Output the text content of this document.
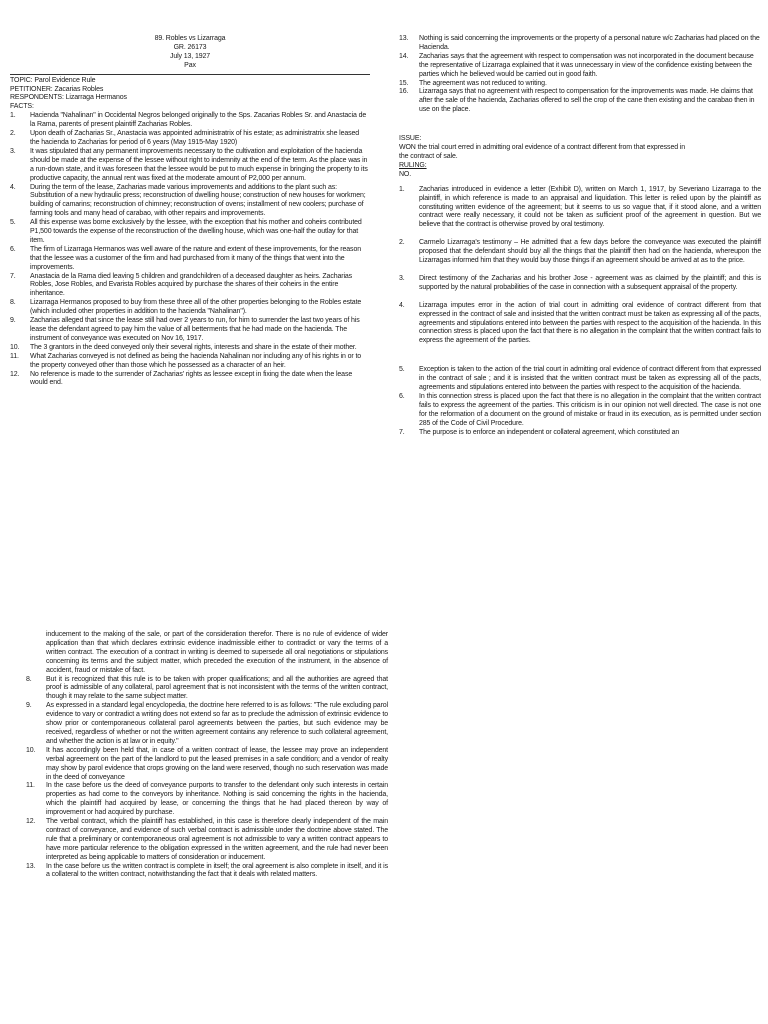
89. Robles vs Lizarraga

GR. 26173

July 13, 1927

Pax

TOPIC: Parol Evidence Rule

PETITIONER: Zacarias Robles

RESPONDENTS: Lizarraga Hermanos

FACTS:

1. Hacienda "Nahalinan" in Occidental Negros belonged originally to the Sps. Zacarias Robles Sr. and Anastacia de la Rama, parents of present plaintiff Zacharias Robles.
2. Upon death of Zacharias Sr., Anastacia was appointed administratrix of his estate; as administratrix she leased the hacienda to Zacharias for period of 6 years (May 1915-May 1920)
3. It was stipulated that any permanent improvements necessary to the cultivation and exploitation of the hacienda should be made at the expense of the lessee without right to indemnity at the end of the term. As the place was in a run-down state, and it was foreseen that the lessee would be put to much expense in bringing the property to its productive capacity, the annual rent was fixed at the moderate amount of P2,000 per annum.
4. During the term of the lease, Zacharias made various improvements and additions to the plant such as: Substitution of a new hydraulic press; reconstruction of dwelling house; construction of new houses for workmen; building of camarins; reconstruction of chimney; reconstruction of ovens; installment of new coolers; purchase of farming tools and many head of carabao, with other repairs and improvements.
5. All this expense was borne exclusively by the lessee, with the exception that his mother and coheirs contributed P1,500 towards the expense of the reconstruction of the dwelling house, which was one-half the outlay for that item.
6. The firm of Lizarraga Hermanos was well aware of the nature and extent of these improvements, for the reason that the lessee was a customer of the firm and had purchased from it many of the things that went into the improvements.
7. Anastacia de la Rama died leaving 5 children and grandchildren of a deceased daughter as heirs. Zacharias Robles, Jose Robles, and Evarista Robles acquired by purchase the shares of their coheirs in the entire inheritance.
8. Lizarraga Hermanos proposed to buy from these three all of the other properties belonging to the Robles estate (which included other properties in addition to the hacienda "Nahalinan").
9. Zacharias alleged that since the lease still had over 2 years to run, for him to surrender the last two years of his lease the defendant agreed to pay him the value of all betterments that he had made on the hacienda. The instrument of conveyance was executed on Nov 16, 1917.
10. The 3 grantors in the deed conveyed only their several rights, interests and share in the estate of their mother.
11. What Zacharias conveyed is not defined as being the hacienda Nahalinan nor including any of his rights in or to the property conveyed other than those which he possessed as a character of an heir.
12. No reference is made to the surrender of Zacharias' rights as lessee except in fixing the date when the lease would end.
13. Nothing is said concerning the improvements or the property of a personal nature w/c Zacharias had placed on the Hacienda.
14. Zacharias says that the agreement with respect to compensation was not incorporated in the document because the representative of Lizarraga explained that it was unnecessary in view of the confidence existing between the parties which he believed would be carried out in good faith.
15. The agreement was not reduced to writing.
16. Lizarraga says that no agreement with respect to compensation for the improvements was made. He claims that after the sale of the hacienda, Zacharias offered to sell the crop of the cane then existing and the carabao then in use on the place.

ISSUE:

WON the trial court erred in admitting oral evidence of a contract different from that expressed in the contract of sale.

RULING:

NO.

1. Zacharias introduced in evidence a letter (Exhibit D), written on March 1, 1917, by Severiano Lizarraga to the plaintiff, in which reference is made to an appraisal and liquidation. This letter is relied upon by the plaintiff as constituting written evidence of the agreement; but it seems to us so vague that, if it stood alone, and a written contract were really necessary, it could not be taken as sufficient proof of the agreement in question. But we believe that the contract is otherwise proved by oral testimony.
2. Carmelo Lizarraga's testimony – He admitted that a few days before the conveyance was executed the plaintiff proposed that the defendant should buy all the things that the plaintiff then had on the hacienda, whereupon the Lizarragas informed him that they would buy those things if an agreement should be arrived at as to the price.
3. Direct testimony of the Zacharias and his brother Jose - agreement was as claimed by the plaintiff; and this is supported by the natural probabilities of the case in connection with a subsequent appraisal of the property.
4. Lizarraga imputes error in the action of trial court in admitting oral evidence of contract different from that expressed in the contract of sale and insisted that the written contract must be taken as expressing all of the pacts, agreements and stipulations entered into between the parties with respect to the acquisition of the hacienda. In this connection stress is placed upon the fact that there is no allegation in the complaint that the written contract fails to express the agreement of the parties.
5. Exception is taken to the action of the trial court in admitting oral evidence of contract different from that expressed in the contract of sale ; and it is insisted that the written contract must be taken as expressing all of the pacts, agreements and stipulations entered into between the parties with respect to the acquisition of the hacienda.
6. In this connection stress is placed upon the fact that there is no allegation in the complaint that the written contract fails to express the agreement of the parties. This criticism is in our opinion not well directed. The case is not one for the reformation of a document on the ground of mistake or fraud in its execution, as is permitted under section 285 of the Code of Civil Procedure.
7. The purpose is to enforce an independent or collateral agreement, which constituted an

inducement to the making of the sale, or part of the consideration therefor. There is no rule of evidence of wider application than that which declares extrinsic evidence inadmissible either to contradict or vary the terms of a written contract. The execution of a contract in writing is deemed to supersede all oral negotiations or stipulations concerning its terms and the subject matter, which preceded the execution of the instrument, in the absence of accident, fraud or mistake of fact.

8. But it is recognized that this rule is to be taken with proper qualifications; and all the authorities are agreed that proof is admissible of any collateral, parol agreement that is not inconsistent with the terms of the written contract, though it may relate to the same subject matter.
9. As expressed in a standard legal encyclopedia, the doctrine here referred to is as follows: "The rule excluding parol evidence to vary or contradict a writing does not extend so far as to preclude the admission of extrinsic evidence to show prior or contemporaneous collateral parol agreements between the parties, but such evidence may be received, regardless of whether or not the written agreement contains any reference to such collateral agreement, and whether the action is at law or in equity."
10. It has accordingly been held that, in case of a written contract of lease, the lessee may prove an independent verbal agreement on the part of the landlord to put the leased premises in a safe condition; and a vendor of realty may show by parol evidence that crops growing on the land were reserved, though no such reservation was made in the deed of conveyance
11. In the case before us the deed of conveyance purports to transfer to the defendant only such interests in certain properties as had come to the conveyors by inheritance. Nothing is said concerning the rights in the hacienda, which the plaintiff had acquired by lease, or concerning the things that he had placed thereon by way of improvement or had acquired by purchase.
12. The verbal contract, which the plaintiff has established, in this case is therefore clearly independent of the main contract of conveyance, and evidence of such verbal contract is admissible under the doctrine above stated. The rule that a preliminary or contemporaneous oral agreement is not admissible to vary a written contract appears to have more particular reference to the obligation expressed in the written agreement, and the rule had never been interpreted as being applicable to matters of consideration or inducement.
13. In the case before us the written contract is complete in itself; the oral agreement is also complete in itself, and it is a collateral to the written contract, notwithstanding the fact that it deals with related matters.
